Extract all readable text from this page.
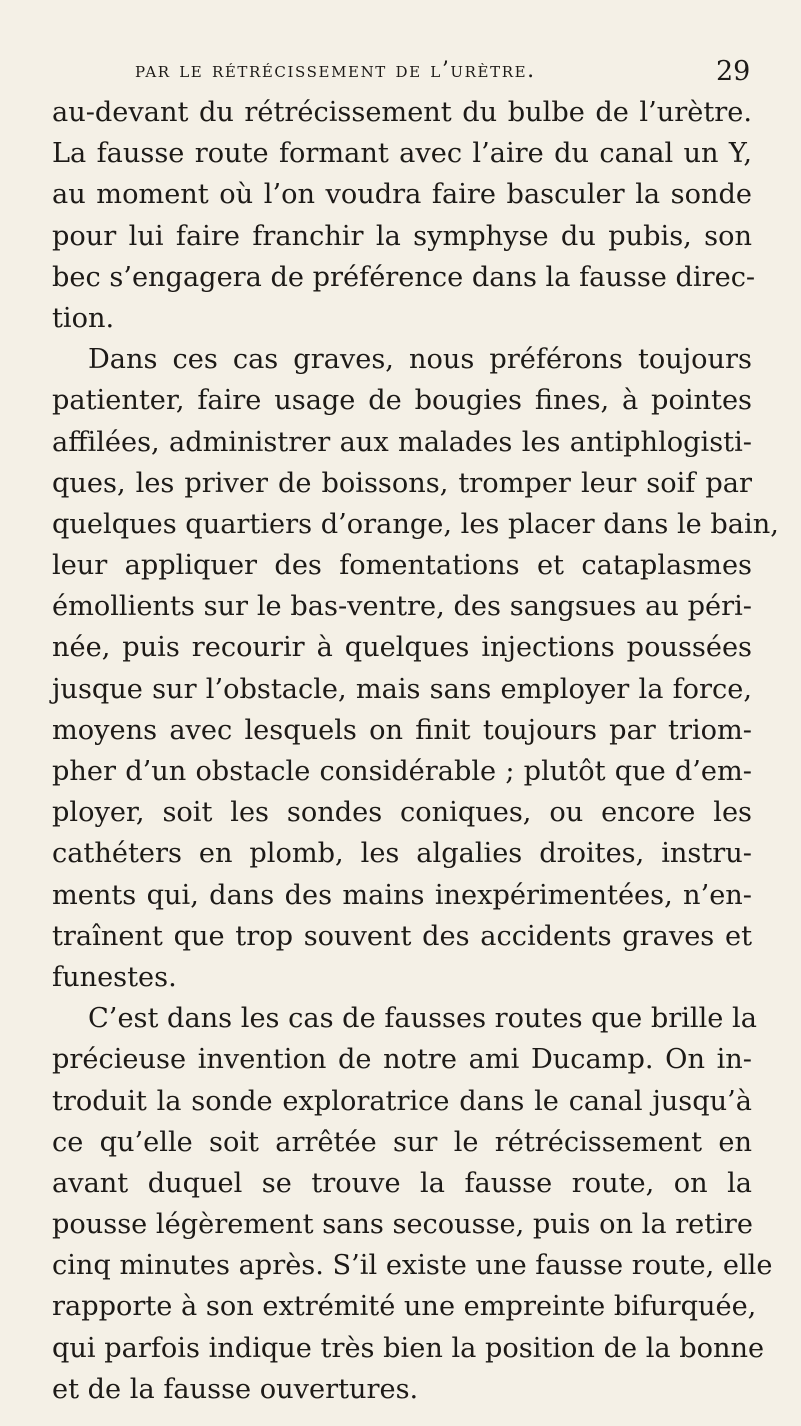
par le rétrécissement de l’urètre.	29
au-devant du rétrécissement du bulbe de l’urètre.
La fausse route formant avec l’aire du canal un Y,
au moment où l’on voudra faire basculer la sonde
pour lui faire franchir la symphyse du pubis, son
bec s’engagera de préférence dans la fausse direc-
tion.
Dans ces cas graves, nous préférons toujours
patienter, faire usage de bougies fines, à pointes
affilées, administrer aux malades les antiphlogisti-
ques, les priver de boissons, tromper leur soif par
quelques quartiers d’orange, les placer dans le bain,
leur appliquer des fomentations et cataplasmes
émollients sur le bas-ventre, des sangsues au péri-
née, puis recourir à quelques injections poussées
jusque sur l’obstacle, mais sans employer la force,
moyens avec lesquels on finit toujours par triom-
pher d’un obstacle considérable ; plutôt que d’em-
ployer, soit les sondes coniques, ou encore les
cathéters en plomb, les algalies droites, instru-
ments qui, dans des mains inexpérimentées, n’en-
traînent que trop souvent des accidents graves et
funestes.
C’est dans les cas de fausses routes que brille la
précieuse invention de notre ami Ducamp. On in-
troduit la sonde exploratrice dans le canal jusqu’à
ce qu’elle soit arrêtée sur le rétrécissement en
avant duquel se trouve la fausse route, on la
pousse légèrement sans secousse, puis on la retire
cinq minutes après. S’il existe une fausse route, elle
rapporte à son extrémité une empreinte bifurquée,
qui parfois indique très bien la position de la bonne
et de la fausse ouvertures.
